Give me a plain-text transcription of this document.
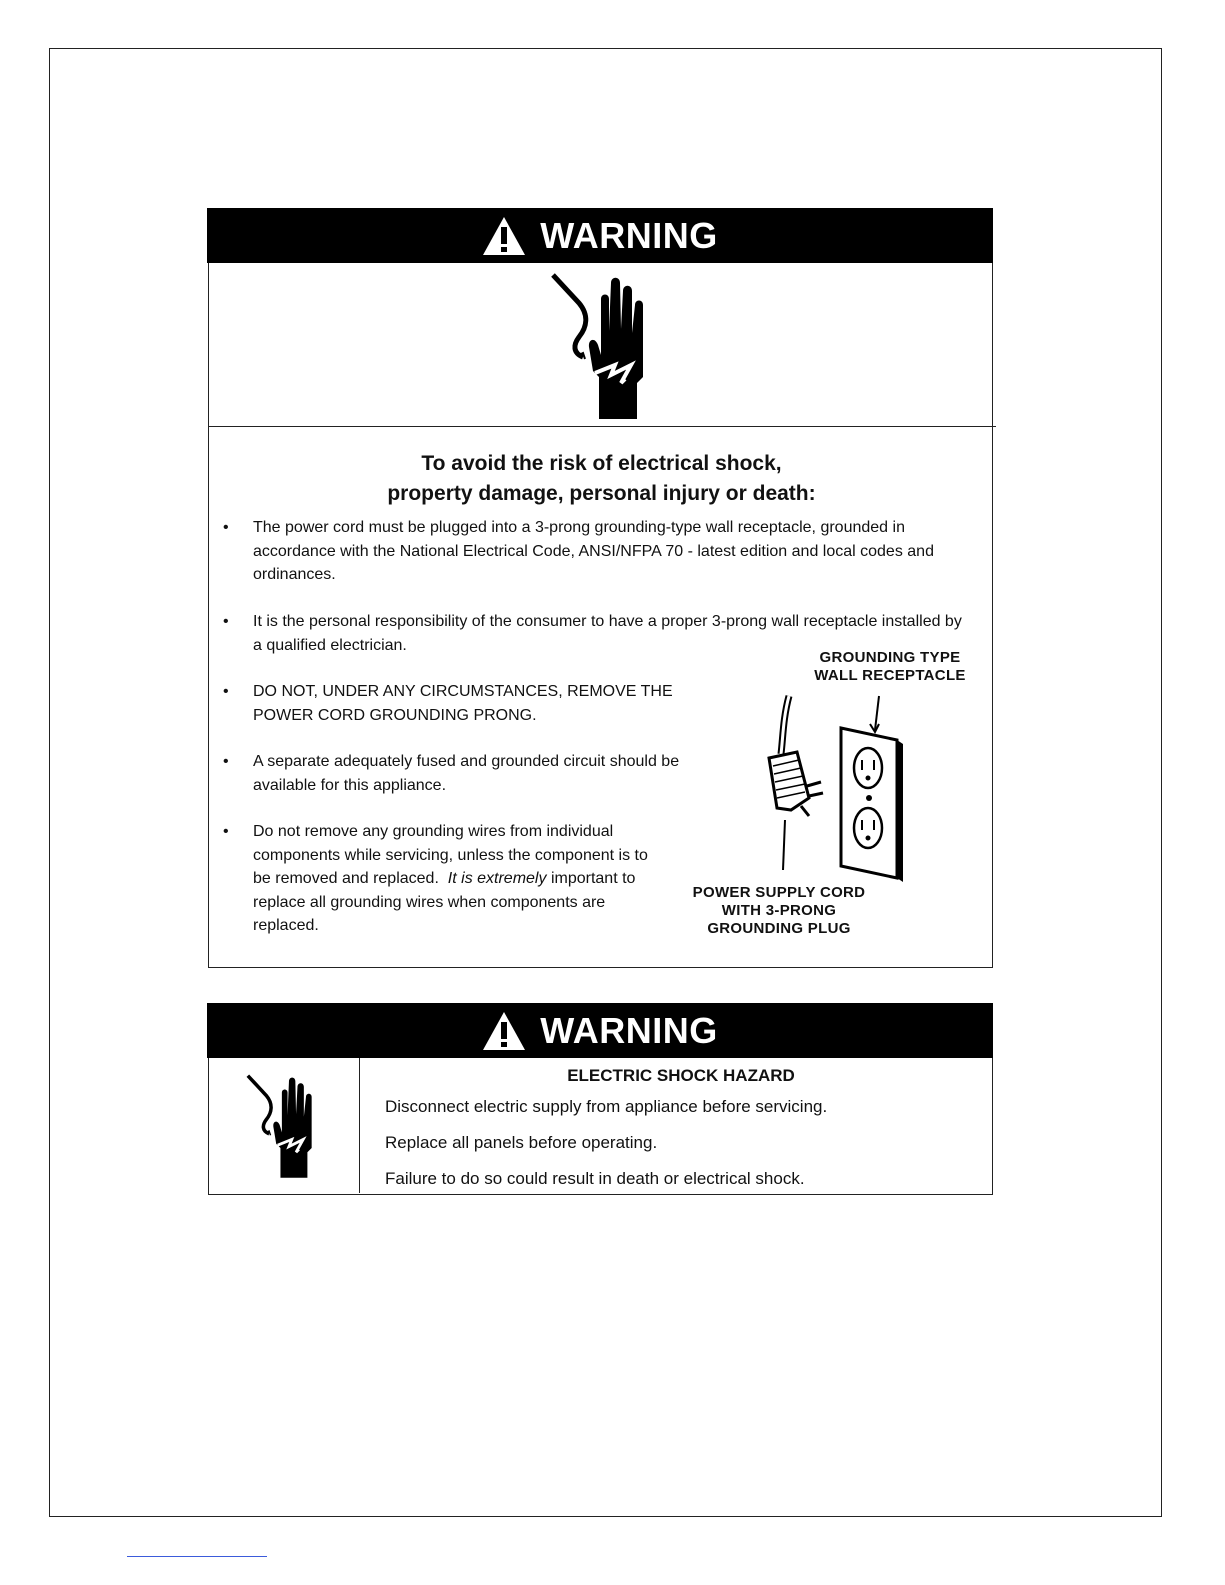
WARNING
To avoid the risk of electrical shock,
property damage, personal injury or death:
• The power cord must be plugged into a 3-prong grounding-type wall receptacle, grounded in accordance with the National Electrical Code, ANSI/NFPA 70 - latest edition and local codes and ordinances.
• It is the personal responsibility of the consumer to have a proper 3-prong wall receptacle installed by a qualified electrician.
• DO NOT, UNDER ANY CIRCUMSTANCES, REMOVE THE POWER CORD GROUNDING PRONG.
• A separate adequately fused and grounded circuit should be available for this appliance.
• Do not remove any grounding wires from individual components while servicing, unless the component is to be removed and replaced. It is extremely important to replace all grounding wires when components are replaced.
GROUNDING TYPE
WALL RECEPTACLE
POWER SUPPLY CORD
WITH 3-PRONG
GROUNDING PLUG
WARNING
ELECTRIC SHOCK HAZARD
Disconnect electric supply from appliance before servicing.
Replace all panels before operating.
Failure to do so could result in death or electrical shock.
